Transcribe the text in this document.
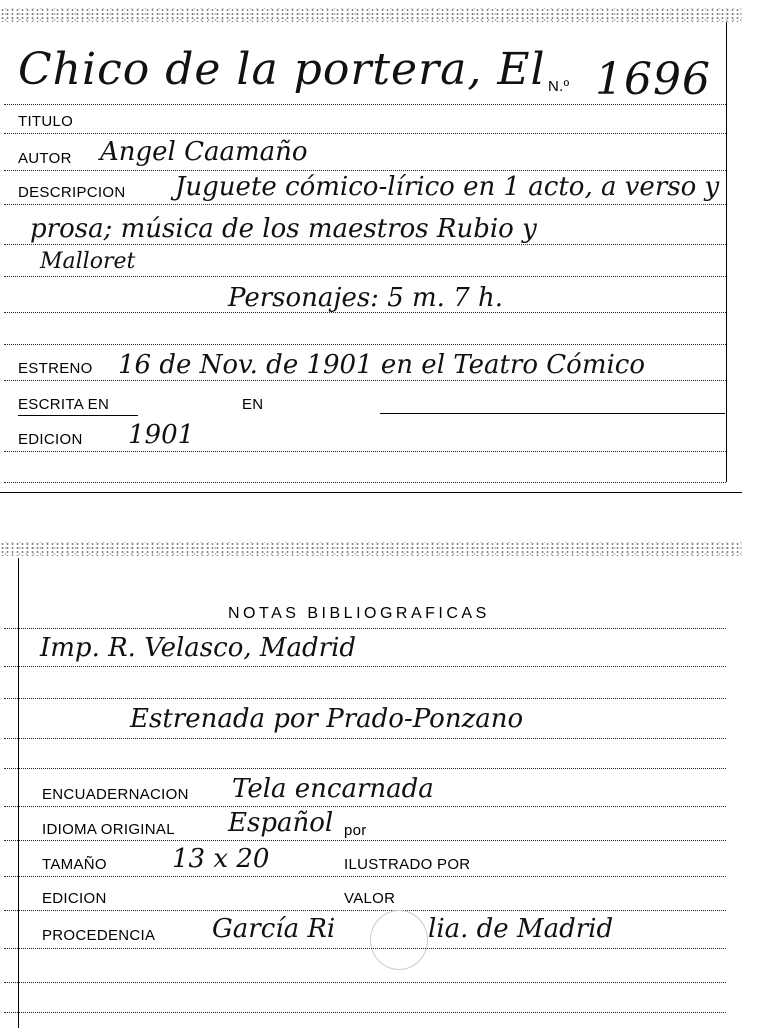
Chico de la portera, El N.º 1696
TITULO
AUTOR Angel Caamaño
DESCRIPCION Juguete cómico-lírico en 1 acto, a verso y
prosa; música de los maestros Rubio y
Malloret
Personajes: 5 m. 7 h.
ESTRENO 16 de Nov. de 1901 en el Teatro Cómico
ESCRITA EN	EN
EDICION 1901
NOTAS BIBLIOGRAFICAS
Imp. R. Velasco, Madrid
Estrenada por Prado-Ponzano
ENCUADERNACION Tela encarnada
IDIOMA ORIGINAL Español por
TAMAÑO	13 x 20	ILUSTRADO POR
EDICION	VALOR
PROCEDENCIA García Ri	lia. de Madrid
